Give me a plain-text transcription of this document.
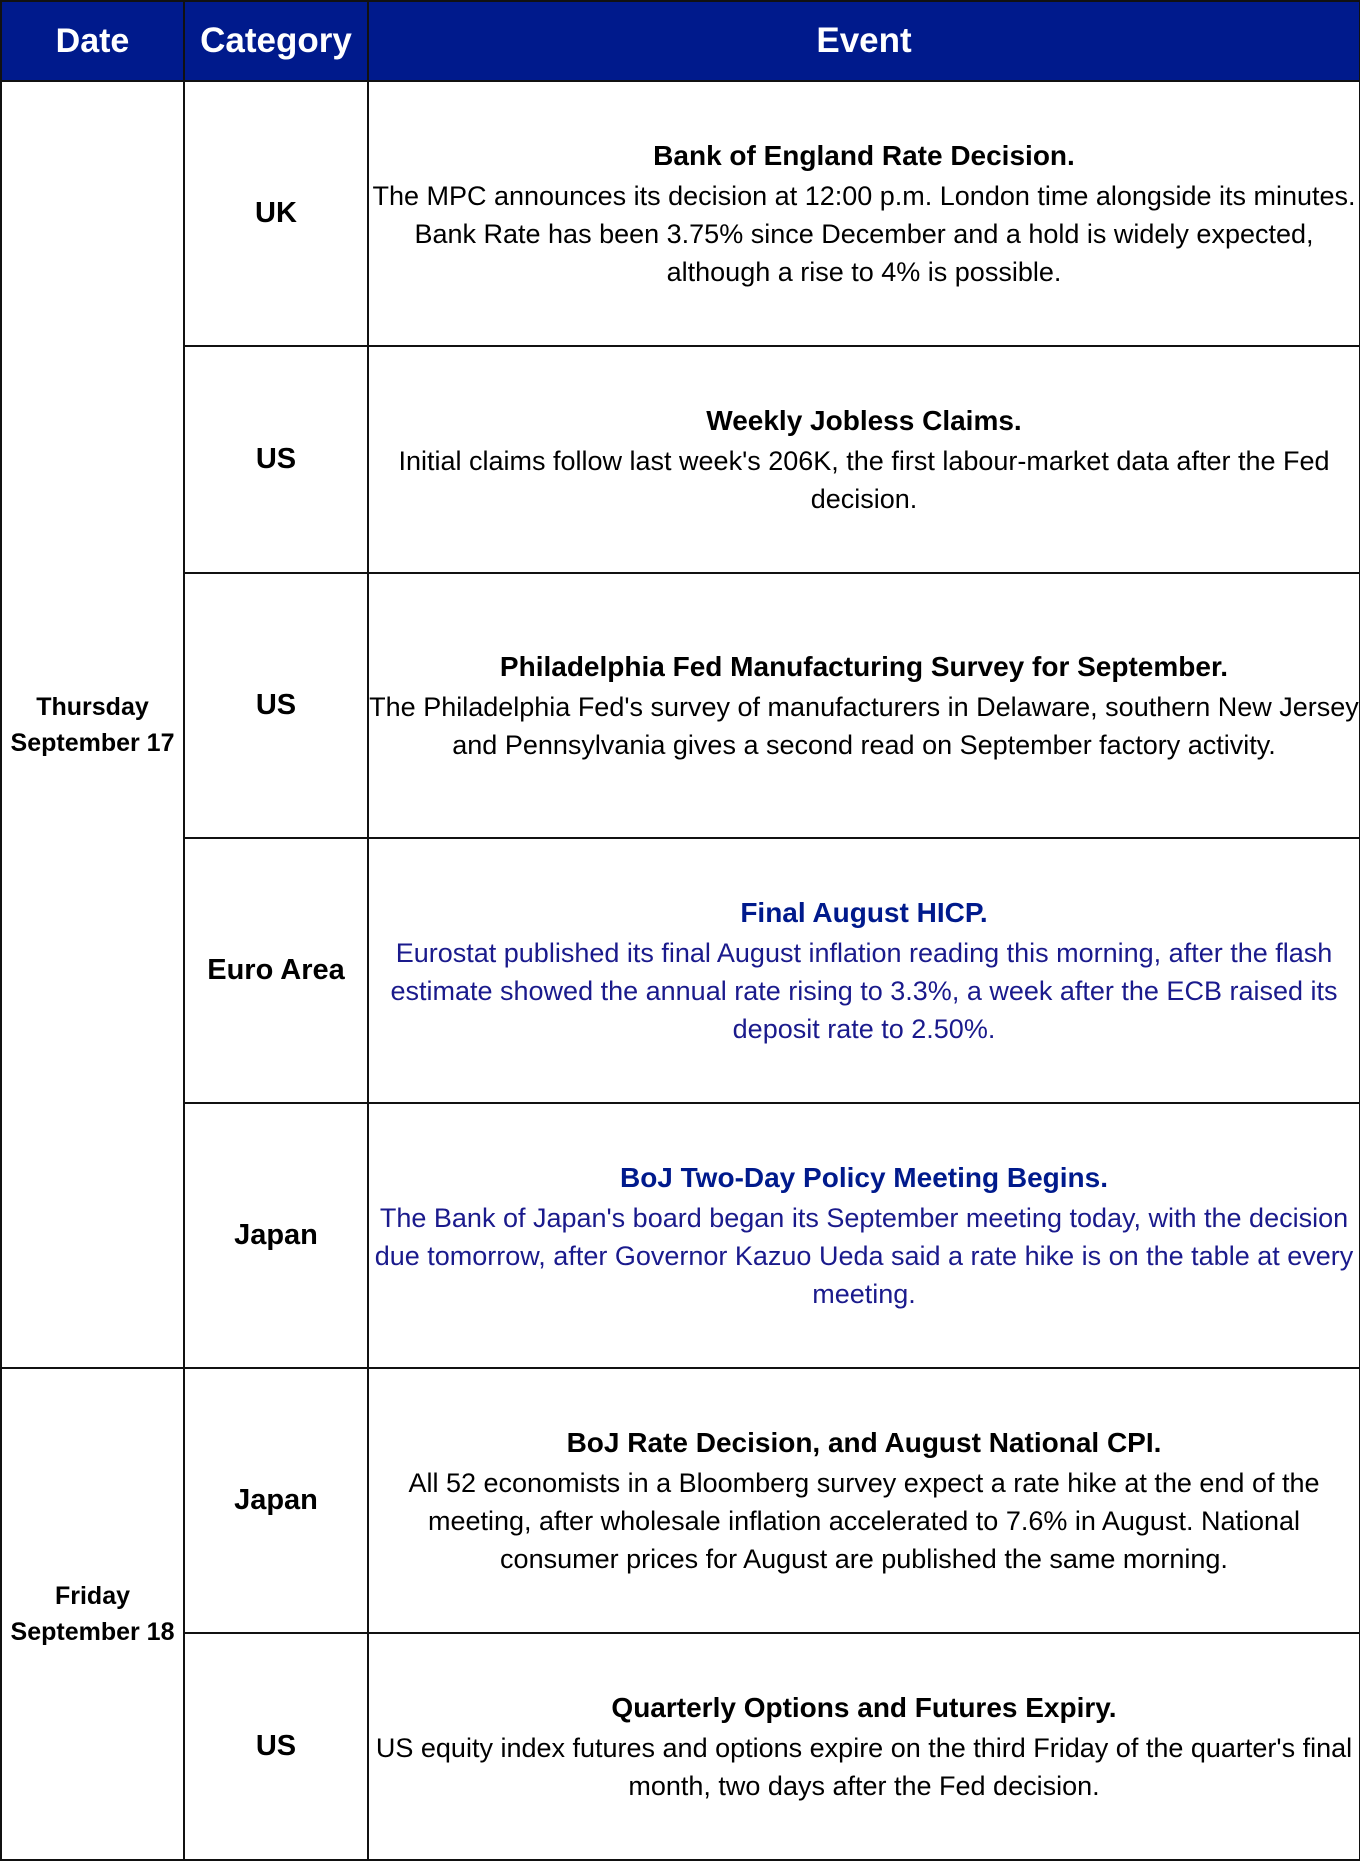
Date	Category	Event
Thursday
September 17	UK	Bank of England Rate Decision.
The MPC announces its decision at 12:00 p.m. London time alongside its minutes. Bank Rate has been 3.75% since December and a hold is widely expected, although a rise to 4% is possible.

	US	Weekly Jobless Claims.
Initial claims follow last week's 206K, the first labour-market data after the Fed decision.

	US	Philadelphia Fed Manufacturing Survey for September.
The Philadelphia Fed's survey of manufacturers in Delaware, southern New Jersey and Pennsylvania gives a second read on September factory activity.

	Euro Area	Final August HICP.
Eurostat published its final August inflation reading this morning, after the flash estimate showed the annual rate rising to 3.3%, a week after the ECB raised its deposit rate to 2.50%.

	Japan	BoJ Two-Day Policy Meeting Begins.
The Bank of Japan's board began its September meeting today, with the decision due tomorrow, after Governor Kazuo Ueda said a rate hike is on the table at every meeting.

Friday
September 18	Japan	BoJ Rate Decision, and August National CPI.
All 52 economists in a Bloomberg survey expect a rate hike at the end of the meeting, after wholesale inflation accelerated to 7.6% in August. National consumer prices for August are published the same morning.

	US	Quarterly Options and Futures Expiry.
US equity index futures and options expire on the third Friday of the quarter's final month, two days after the Fed decision.
